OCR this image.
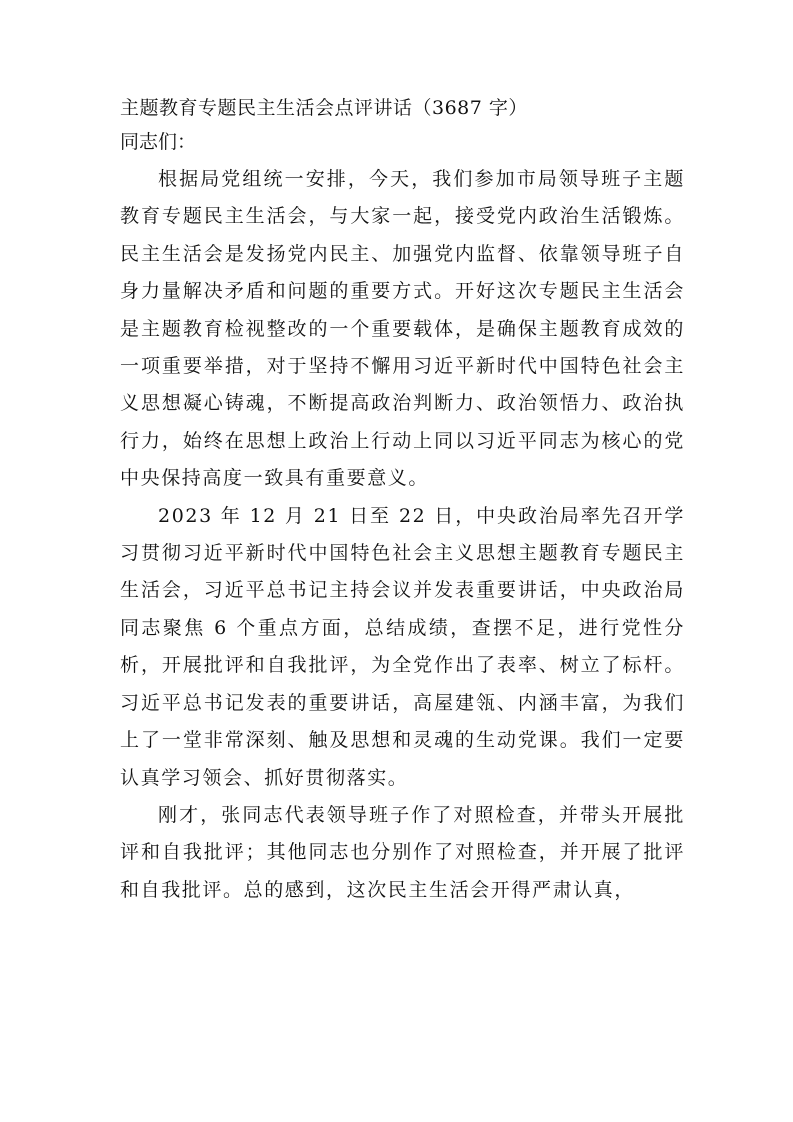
主题教育专题民主生活会点评讲话（3687 字）
同志们：

根据局党组统一安排，今天，我们参加市局领导班子主题教育专题民主生活会，与大家一起，接受党内政治生活锻炼。民主生活会是发扬党内民主、加强党内监督、依靠领导班子自身力量解决矛盾和问题的重要方式。开好这次专题民主生活会是主题教育检视整改的一个重要载体，是确保主题教育成效的一项重要举措，对于坚持不懈用习近平新时代中国特色社会主义思想凝心铸魂，不断提高政治判断力、政治领悟力、政治执行力，始终在思想上政治上行动上同以习近平同志为核心的党中央保持高度一致具有重要意义。

2023 年 12 月 21 日至 22 日，中央政治局率先召开学习贯彻习近平新时代中国特色社会主义思想主题教育专题民主生活会，习近平总书记主持会议并发表重要讲话，中央政治局同志聚焦 6 个重点方面，总结成绩，查摆不足，进行党性分析，开展批评和自我批评，为全党作出了表率、树立了标杆。习近平总书记发表的重要讲话，高屋建瓴、内涵丰富，为我们上了一堂非常深刻、触及思想和灵魂的生动党课。我们一定要认真学习领会、抓好贯彻落实。

刚才，张同志代表领导班子作了对照检查，并带头开展批评和自我批评；其他同志也分别作了对照检查，并开展了批评和自我批评。总的感到，这次民主生活会开得严肃认真，
